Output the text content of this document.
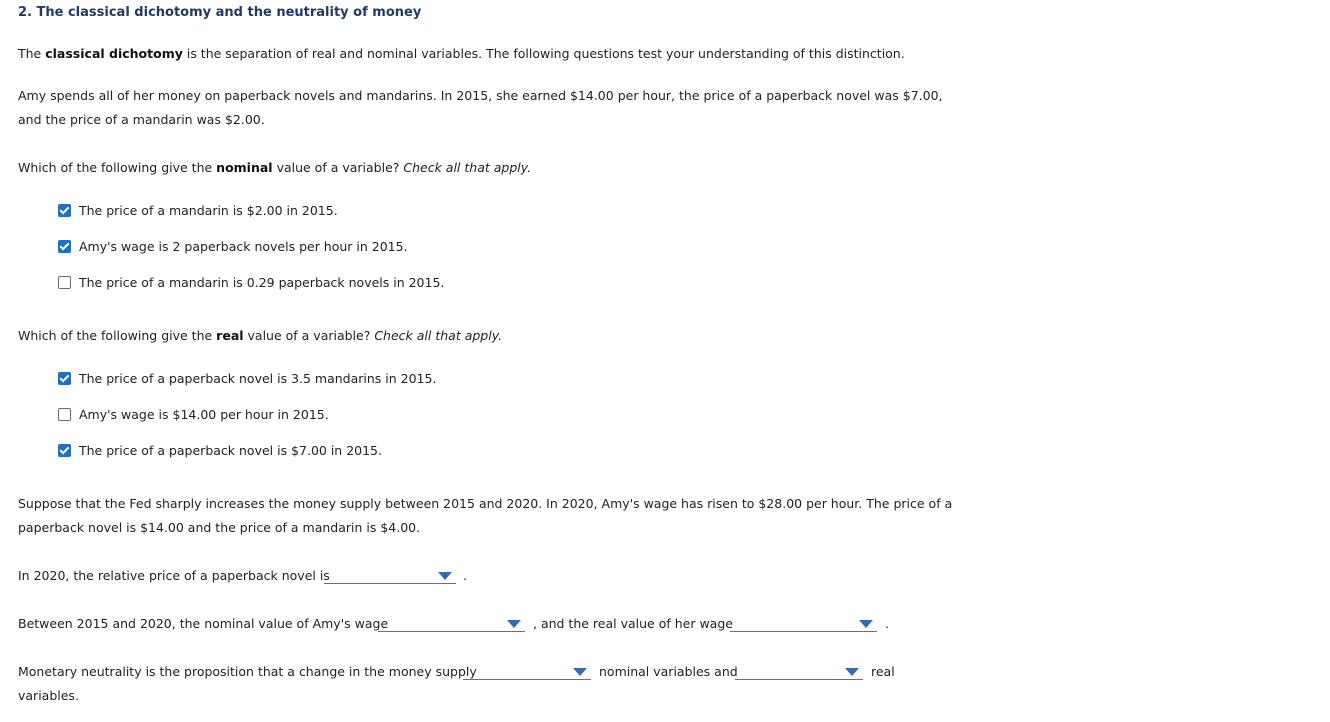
2. The classical dichotomy and the neutrality of money
The classical dichotomy is the separation of real and nominal variables. The following questions test your understanding of this distinction.
Amy spends all of her money on paperback novels and mandarins. In 2015, she earned $14.00 per hour, the price of a paperback novel was $7.00,
and the price of a mandarin was $2.00.
Which of the following give the nominal value of a variable? Check all that apply.
The price of a mandarin is $2.00 in 2015.
Amy's wage is 2 paperback novels per hour in 2015.
The price of a mandarin is 0.29 paperback novels in 2015.
Which of the following give the real value of a variable? Check all that apply.
The price of a paperback novel is 3.5 mandarins in 2015.
Amy's wage is $14.00 per hour in 2015.
The price of a paperback novel is $7.00 in 2015.
Suppose that the Fed sharply increases the money supply between 2015 and 2020. In 2020, Amy's wage has risen to $28.00 per hour. The price of a
paperback novel is $14.00 and the price of a mandarin is $4.00.
In 2020, the relative price of a paperback novel is	.
Between 2015 and 2020, the nominal value of Amy's wage	, and the real value of her wage	.
Monetary neutrality is the proposition that a change in the money supply	nominal variables and	real
variables.
